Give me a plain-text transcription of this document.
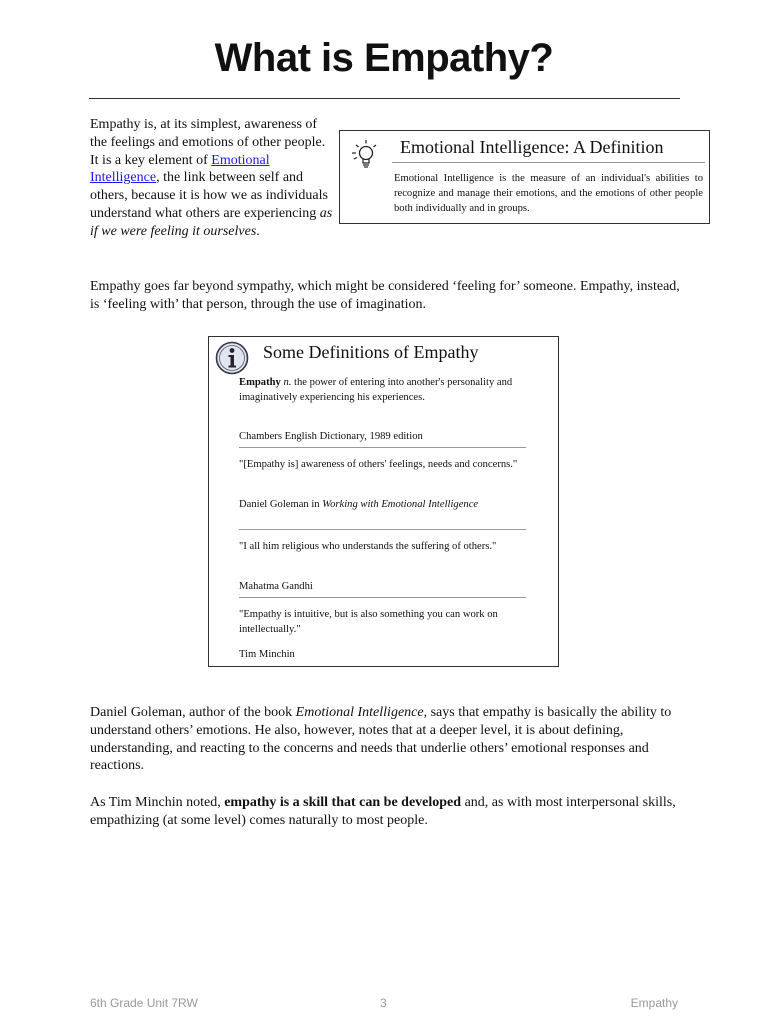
What is Empathy?

Empathy is, at its simplest, awareness of the feelings and emotions of other people. It is a key element of Emotional Intelligence, the link between self and others, because it is how we as individuals understand what others are experiencing as if we were feeling it ourselves.

Emotional Intelligence: A Definition

Emotional Intelligence is the measure of an individual's abilities to recognize and manage their emotions, and the emotions of other people both individually and in groups.

Empathy goes far beyond sympathy, which might be considered ‘feeling for’ someone. Empathy, instead, is ‘feeling with’ that person, through the use of imagination.

Some Definitions of Empathy

Empathy n. the power of entering into another's personality and imaginatively experiencing his experiences.

Chambers English Dictionary, 1989 edition

"[Empathy is] awareness of others' feelings, needs and concerns."

Daniel Goleman in Working with Emotional Intelligence

"I all him religious who understands the suffering of others."

Mahatma Gandhi

"Empathy is intuitive, but is also something you can work on intellectually."

Tim Minchin

Daniel Goleman, author of the book Emotional Intelligence, says that empathy is basically the ability to understand others’ emotions. He also, however, notes that at a deeper level, it is about defining, understanding, and reacting to the concerns and needs that underlie others’ emotional responses and reactions.

As Tim Minchin noted, empathy is a skill that can be developed and, as with most interpersonal skills, empathizing (at some level) comes naturally to most people.

6th Grade Unit 7RW	3	Empathy
